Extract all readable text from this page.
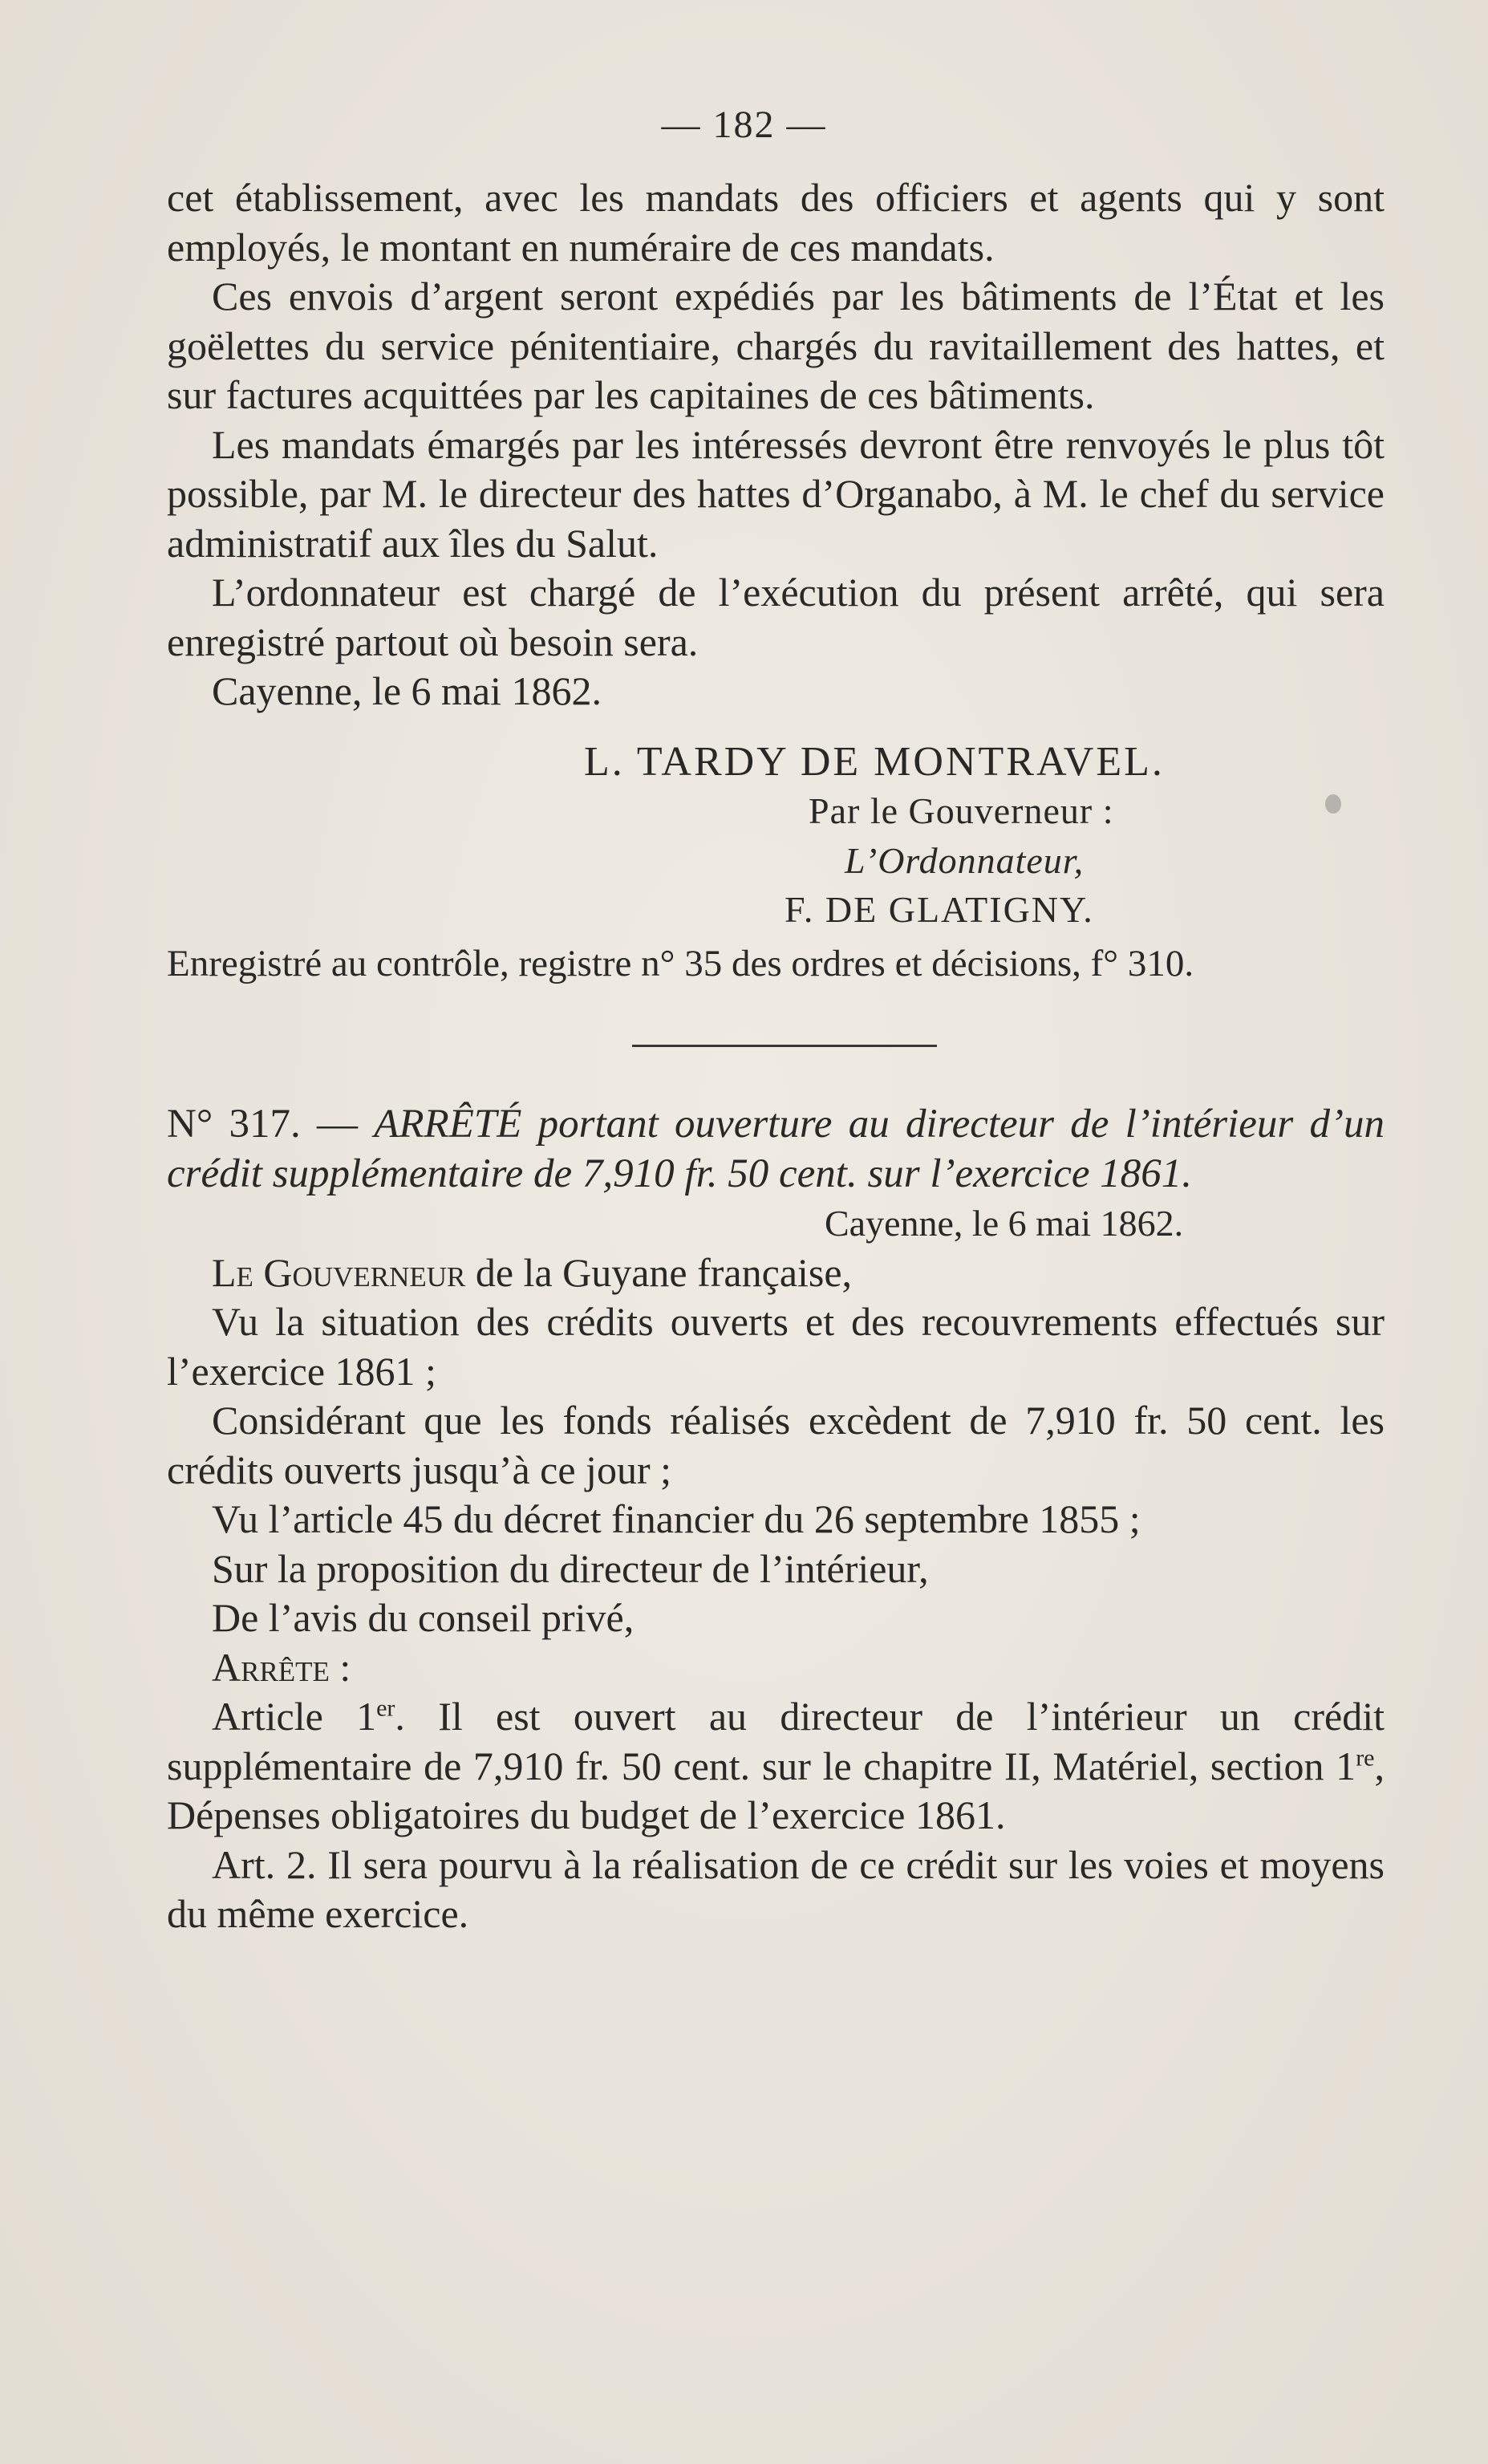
— 182 —

cet établissement, avec les mandats des officiers et agents qui y sont employés, le montant en numéraire de ces mandats.

Ces envois d’argent seront expédiés par les bâtiments de l’État et les goëlettes du service pénitentiaire, chargés du ravitaillement des hattes, et sur factures acquittées par les capitaines de ces bâtiments.

Les mandats émargés par les intéressés devront être renvoyés le plus tôt possible, par M. le directeur des hattes d’Organabo, à M. le chef du service administratif aux îles du Salut.

L’ordonnateur est chargé de l’exécution du présent arrêté, qui sera enregistré partout où besoin sera.

Cayenne, le 6 mai 1862.

L. TARDY DE MONTRAVEL.

Par le Gouverneur :

L’Ordonnateur,

F. DE GLATIGNY.

Enregistré au contrôle, registre n° 35 des ordres et décisions, f° 310.

N° 317. — ARRÊTÉ portant ouverture au directeur de l’intérieur d’un crédit supplémentaire de 7,910 fr. 50 cent. sur l’exercice 1861.

Cayenne, le 6 mai 1862.

Le Gouverneur de la Guyane française,

Vu la situation des crédits ouverts et des recouvrements effectués sur l’exercice 1861 ;

Considérant que les fonds réalisés excèdent de 7,910 fr. 50 cent. les crédits ouverts jusqu’à ce jour ;

Vu l’article 45 du décret financier du 26 septembre 1855 ;

Sur la proposition du directeur de l’intérieur,

De l’avis du conseil privé,

Arrête :

Article 1er. Il est ouvert au directeur de l’intérieur un crédit supplémentaire de 7,910 fr. 50 cent. sur le chapitre II, Matériel, section 1re, Dépenses obligatoires du budget de l’exercice 1861.

Art. 2. Il sera pourvu à la réalisation de ce crédit sur les voies et moyens du même exercice.
